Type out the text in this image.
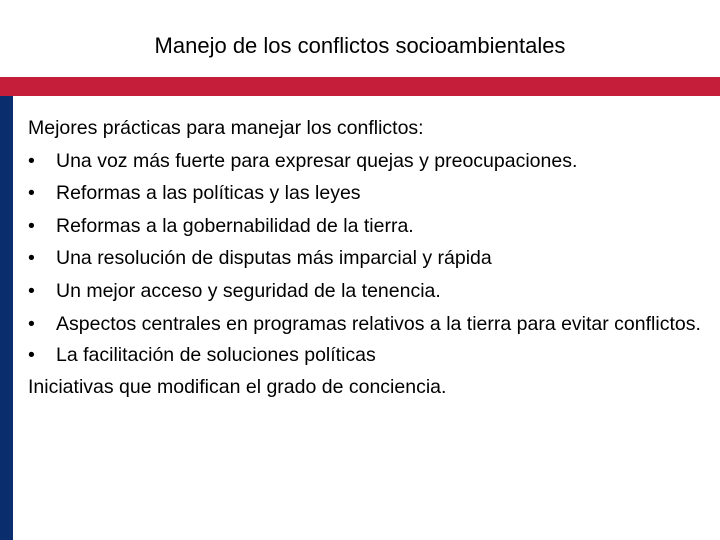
Manejo de los conflictos socioambientales

Mejores prácticas para manejar los conflictos:

•	Una voz más fuerte para expresar quejas y preocupaciones.
•	Reformas a las políticas y las leyes
•	Reformas a la gobernabilidad de la tierra.
•	Una resolución de disputas más imparcial y rápida
•	Un mejor acceso y seguridad de la tenencia.
•	Aspectos centrales en programas relativos a la tierra para evitar conflictos.
•	La facilitación de soluciones políticas

Iniciativas que modifican el grado de conciencia.
